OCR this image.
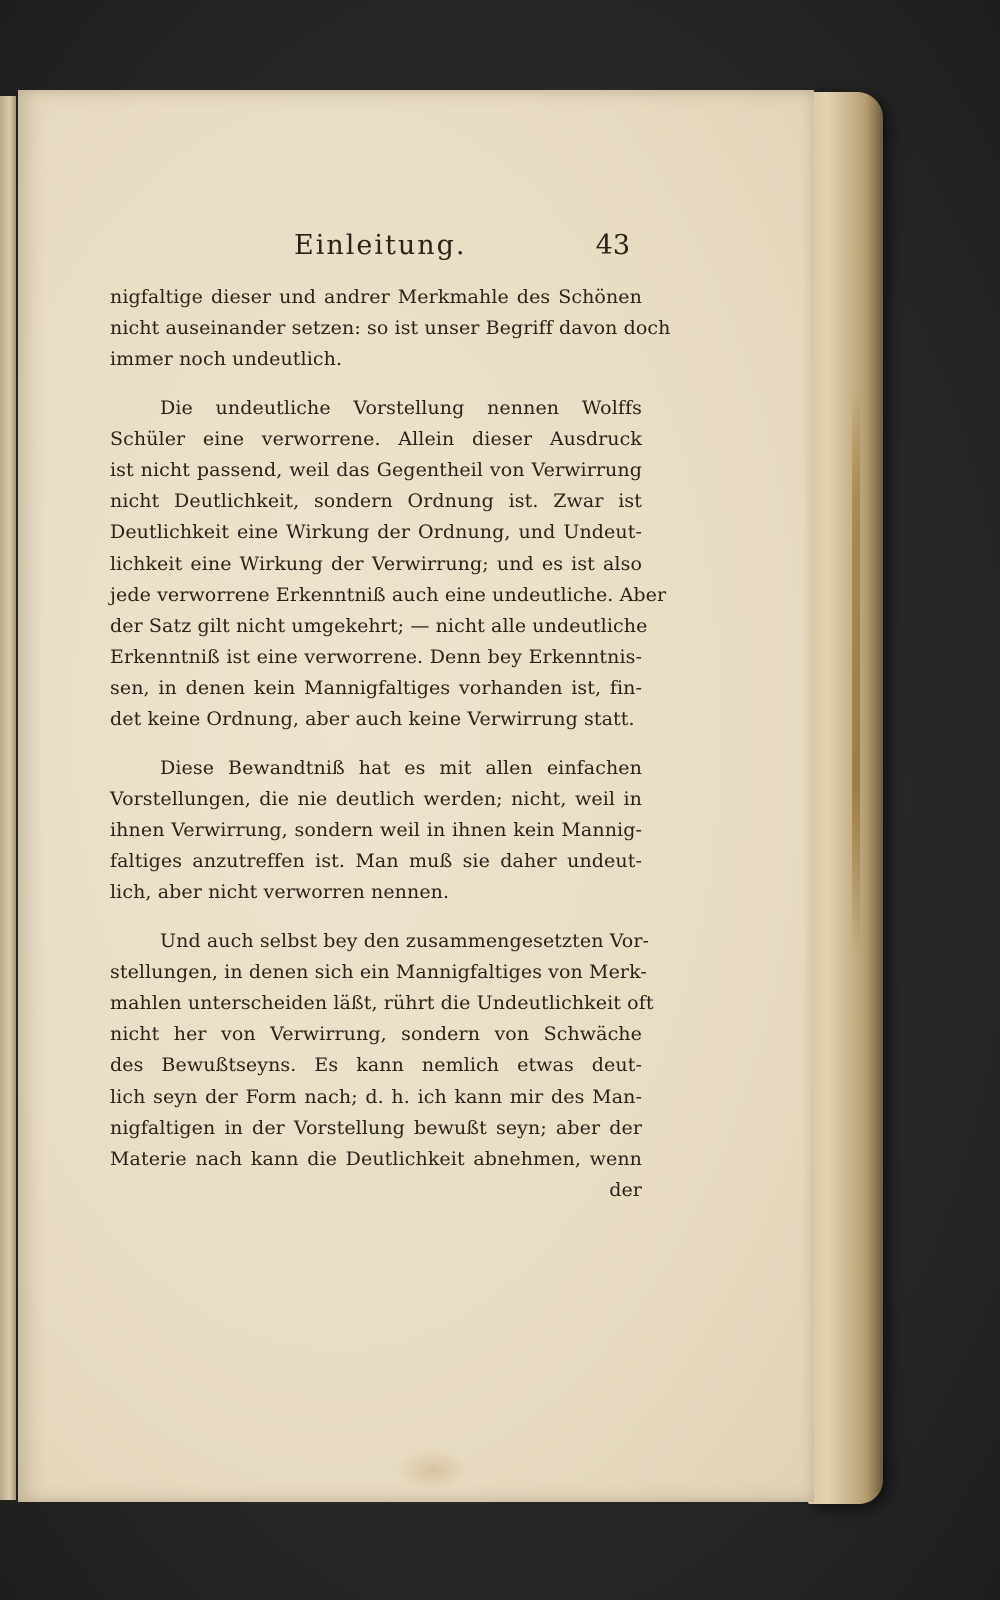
Einleitung.	43
nigfaltige dieser und andrer Merkmahle des Schönen
nicht auseinander setzen: so ist unser Begriff davon doch
immer noch undeutlich.
Die undeutliche Vorstellung nennen Wolffs
Schüler eine verworrene. Allein dieser Ausdruck
ist nicht passend, weil das Gegentheil von Verwirrung
nicht Deutlichkeit, sondern Ordnung ist. Zwar ist
Deutlichkeit eine Wirkung der Ordnung, und Undeut-
lichkeit eine Wirkung der Verwirrung; und es ist also
jede verworrene Erkenntniß auch eine undeutliche. Aber
der Satz gilt nicht umgekehrt; — nicht alle undeutliche
Erkenntniß ist eine verworrene. Denn bey Erkenntnis-
sen, in denen kein Mannigfaltiges vorhanden ist, fin-
det keine Ordnung, aber auch keine Verwirrung statt.
Diese Bewandtniß hat es mit allen einfachen
Vorstellungen, die nie deutlich werden; nicht, weil in
ihnen Verwirrung, sondern weil in ihnen kein Mannig-
faltiges anzutreffen ist. Man muß sie daher undeut-
lich, aber nicht verworren nennen.
Und auch selbst bey den zusammengesetzten Vor-
stellungen, in denen sich ein Mannigfaltiges von Merk-
mahlen unterscheiden läßt, rührt die Undeutlichkeit oft
nicht her von Verwirrung, sondern von Schwäche
des Bewußtseyns. Es kann nemlich etwas deut-
lich seyn der Form nach; d. h. ich kann mir des Man-
nigfaltigen in der Vorstellung bewußt seyn; aber der
Materie nach kann die Deutlichkeit abnehmen, wenn
der
